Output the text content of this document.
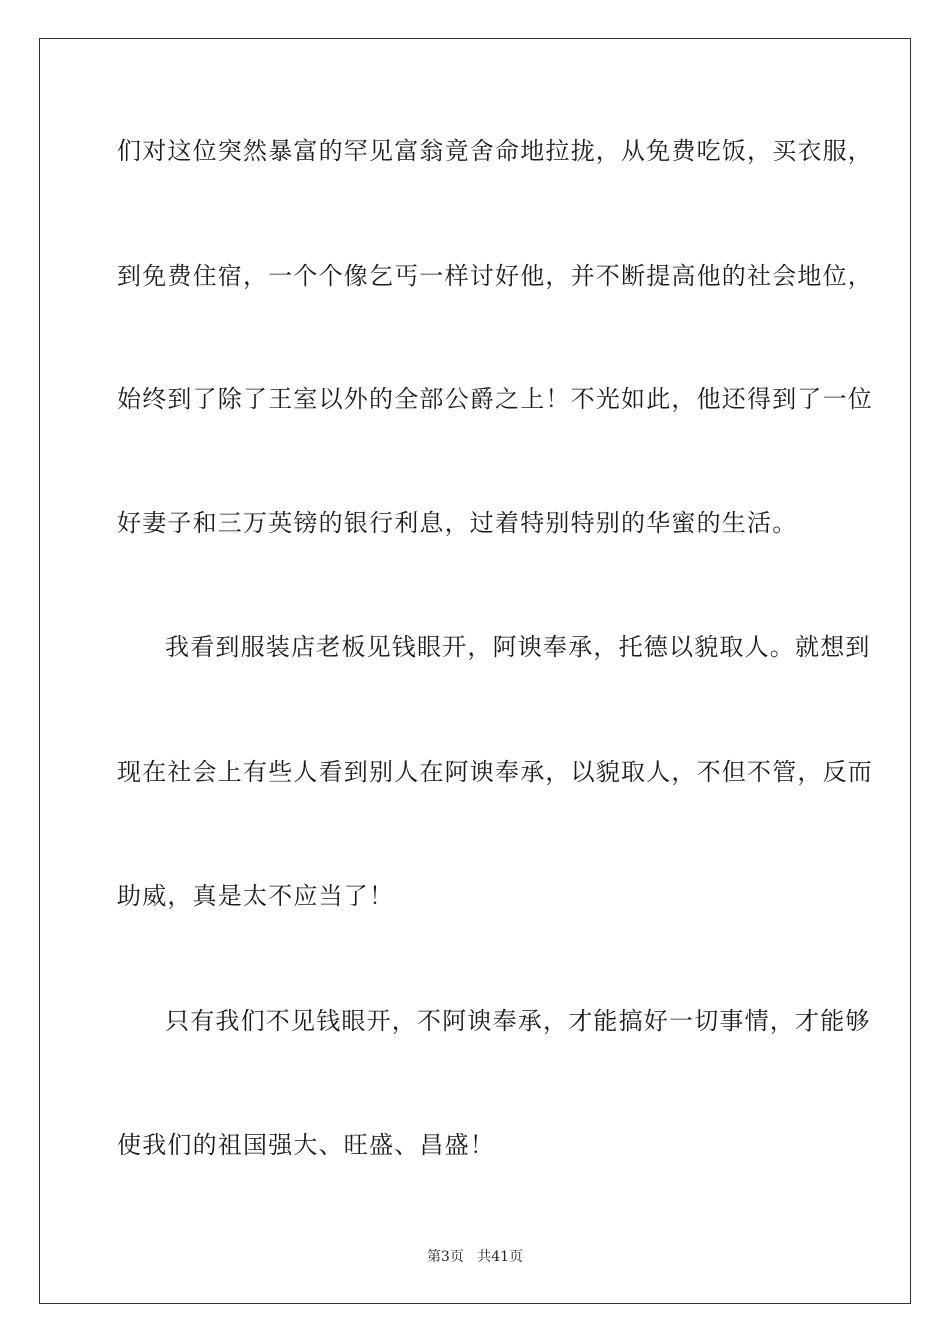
们对这位突然暴富的罕见富翁竟舍命地拉拢，从免费吃饭，买衣服，
到免费住宿，一个个像乞丐一样讨好他，并不断提高他的社会地位，
始终到了除了王室以外的全部公爵之上！不光如此，他还得到了一位
好妻子和三万英镑的银行利息，过着特别特别的华蜜的生活。
我看到服装店老板见钱眼开，阿谀奉承，托德以貌取人。就想到
现在社会上有些人看到别人在阿谀奉承，以貌取人，不但不管，反而
助威，真是太不应当了！
只有我们不见钱眼开，不阿谀奉承，才能搞好一切事情，才能够
使我们的祖国强大、旺盛、昌盛！
第3页 共41页
